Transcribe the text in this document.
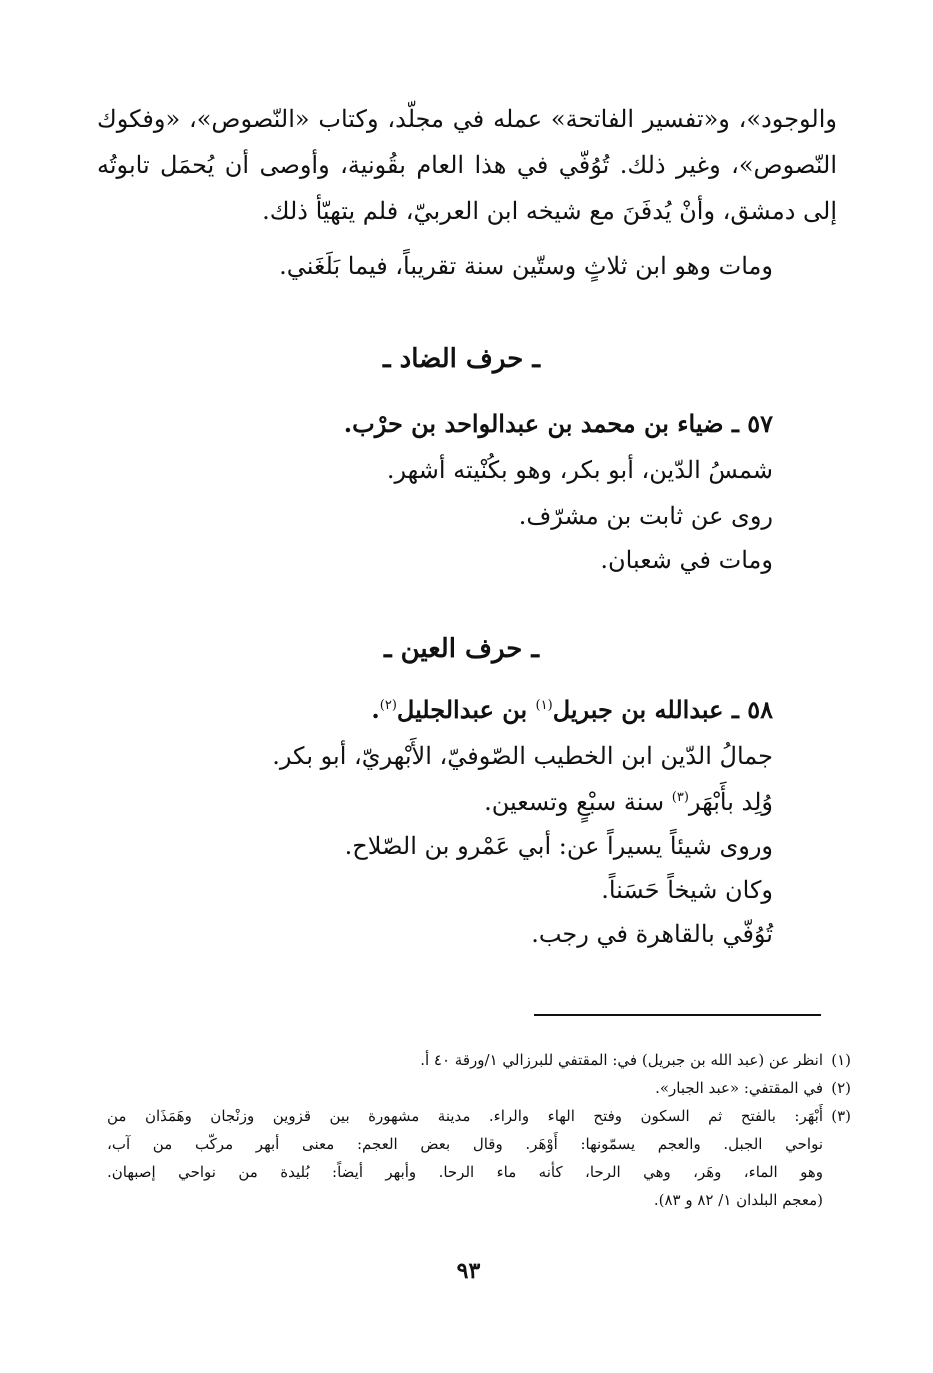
والوجود»، و«تفسير الفاتحة» عمله في مجلّد، وكتاب «النّصوص»، «وفكوك
النّصوص»، وغير ذلك. تُوُفّي في هذا العام بقُونية، وأوصى أن يُحمَل تابوتُه
إلى دمشق، وأنْ يُدفَنَ مع شيخه ابن العربيّ، فلم يتهيّأ ذلك.
ومات وهو ابن ثلاثٍ وستّين سنة تقريباً، فيما بَلَغَني.
ـ حرف الضاد ـ
٥٧ ـ ضياء بن محمد بن عبدالواحد بن حرْب.
شمسُ الدّين، أبو بكر، وهو بكُنْيته أشهر.
روى عن ثابت بن مشرّف.
ومات في شعبان.
ـ حرف العين ـ
٥٨ ـ عبدالله بن جبريل$^{(١)}$ بن عبدالجليل$^{(٢)}$.
جمالُ الدّين ابن الخطيب الصّوفيّ، الأَبْهريّ، أبو بكر.
وُلِد بأَبْهَر$^{(٣)}$ سنة سبْعٍ وتسعين.
وروى شيئاً يسيراً عن: أبي عَمْرو بن الصّلاح.
وكان شيخاً حَسَناً.
تُوُفّي بالقاهرة في رجب.
(١)
انظر عن (عبد الله بن جبريل) في: المقتفي للبرزالي ١/ورقة ٤٠ أ.
(٢)
في المقتفي: «عبد الجبار».
(٣)
أَبْهَر: بالفتح ثم السكون وفتح الهاء والراء. مدينة مشهورة بين قزوين وزنْجان وهَمَذَان من
نواحي الجبل. والعجم يسمّونها: أَوْهَر. وقال بعض العجم: معنى أبهر مركّب من آب،
وهو الماء، وهَر، وهي الرحا، كأنه ماء الرحا. وأبهر أيضاً: بُليدة من نواحي إصبهان.
(معجم البلدان ١/ ٨٢ و ٨٣).
٩٣
